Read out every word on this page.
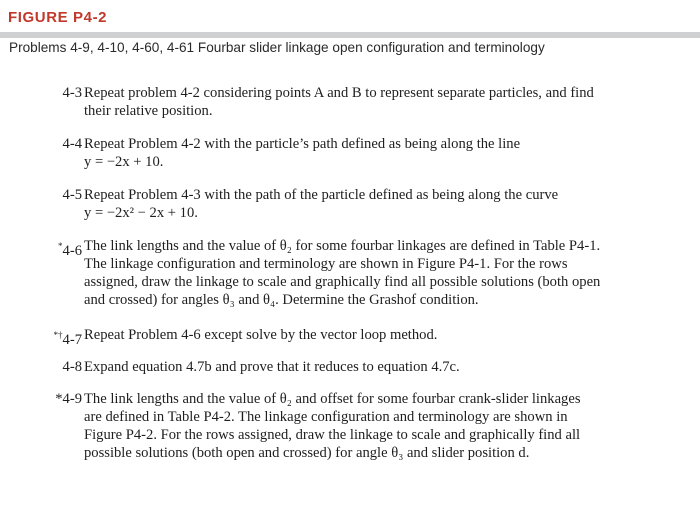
FIGURE P4-2
Problems 4-9, 4-10, 4-60, 4-61 Fourbar slider linkage open configuration and terminology
4-3 Repeat problem 4-2 considering points A and B to represent separate particles, and find
their relative position.
4-4 Repeat Problem 4-2 with the particle’s path defined as being along the line
y = −2x + 10.
4-5 Repeat Problem 4-3 with the path of the particle defined as being along the curve
y = −2x² − 2x + 10.
*4-6 The link lengths and the value of θ₂ for some fourbar linkages are defined in Table P4-1.
The linkage configuration and terminology are shown in Figure P4-1. For the rows
assigned, draw the linkage to scale and graphically find all possible solutions (both open
and crossed) for angles θ₃ and θ₄. Determine the Grashof condition.
*†4-7 Repeat Problem 4-6 except solve by the vector loop method.
4-8 Expand equation 4.7b and prove that it reduces to equation 4.7c.
*4-9 The link lengths and the value of θ₂ and offset for some fourbar crank-slider linkages
are defined in Table P4-2. The linkage configuration and terminology are shown in
Figure P4-2. For the rows assigned, draw the linkage to scale and graphically find all
possible solutions (both open and crossed) for angle θ₃ and slider position d.
